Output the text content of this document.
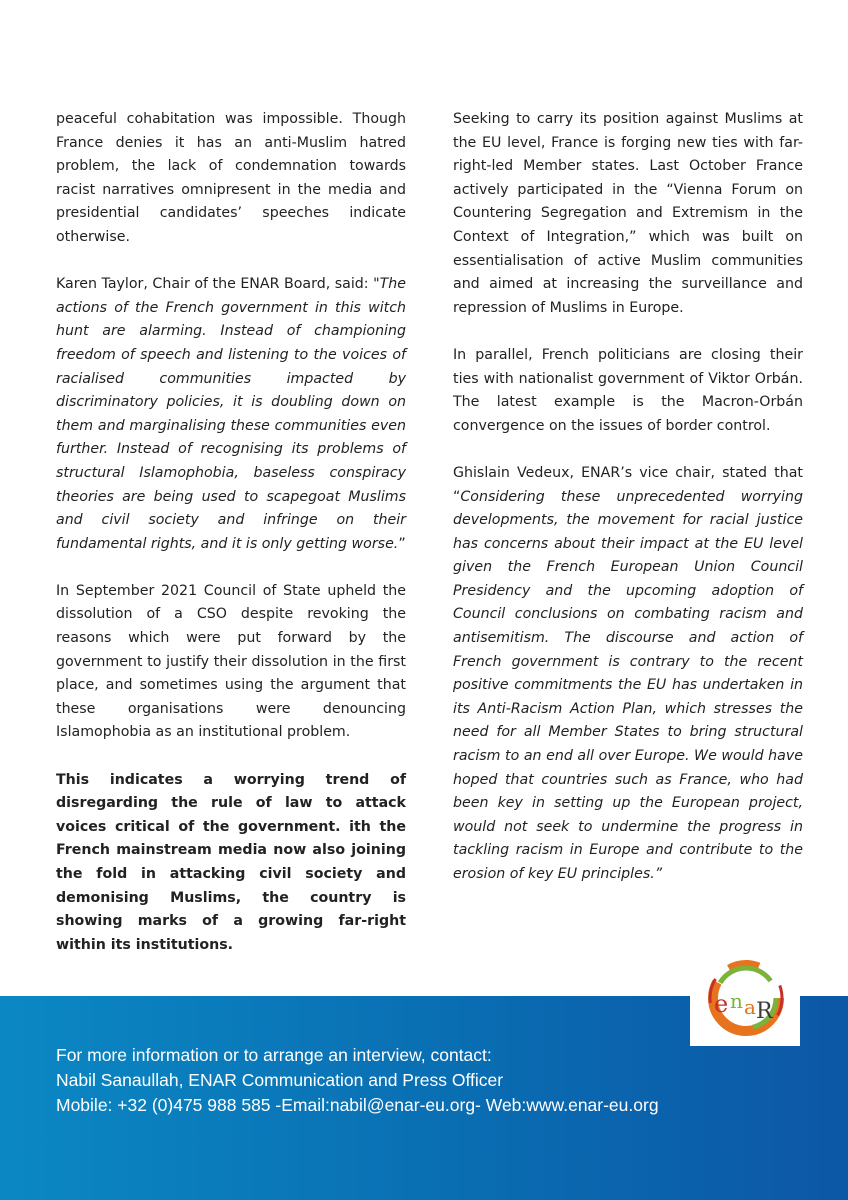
peaceful cohabitation was impossible. Though France denies it has an anti-Muslim hatred problem, the lack of condemnation towards racist narratives omnipresent in the media and presidential candidates’ speeches indicate otherwise.

Karen Taylor, Chair of the ENAR Board, said: "The actions of the French government in this witch hunt are alarming. Instead of championing freedom of speech and listening to the voices of racialised communities impacted by discriminatory policies, it is doubling down on them and marginalising these communities even further. Instead of recognising its problems of structural Islamophobia, baseless conspiracy theories are being used to scapegoat Muslims and civil society and infringe on their fundamental rights, and it is only getting worse.”

In September 2021 Council of State upheld the dissolution of a CSO despite revoking the reasons which were put forward by the government to justify their dissolution in the first place, and sometimes using the argument that these organisations were denouncing Islamophobia as an institutional problem.

This indicates a worrying trend of disregarding the rule of law to attack voices critical of the government. ith the French mainstream media now also joining the fold in attacking civil society and demonising Muslims, the country is showing marks of a growing far-right within its institutions.

Seeking to carry its position against Muslims at the EU level, France is forging new ties with far-right-led Member states. Last October France actively participated in the “Vienna Forum on Countering Segregation and Extremism in the Context of Integration,” which was built on essentialisation of active Muslim communities and aimed at increasing the surveillance and repression of Muslims in Europe.

In parallel, French politicians are closing their ties with nationalist government of Viktor Orbán. The latest example is the Macron-Orbán convergence on the issues of border control.

Ghislain Vedeux, ENAR’s vice chair, stated that “Considering these unprecedented worrying developments, the movement for racial justice has concerns about their impact at the EU level given the French European Union Council Presidency and the upcoming adoption of Council conclusions on combating racism and antisemitism. The discourse and action of French government is contrary to the recent positive commitments the EU has undertaken in its Anti-Racism Action Plan, which stresses the need for all Member States to bring structural racism to an end all over Europe. We would have hoped that countries such as France, who had been key in setting up the European project, would not seek to undermine the progress in tackling racism in Europe and contribute to the erosion of key EU principles.”

e n a R
For more information or to arrange an interview, contact:
Nabil Sanaullah, ENAR Communication and Press Officer
Mobile: +32 (0)475 988 585 -Email:nabil@enar-eu.org- Web:www.enar-eu.org
